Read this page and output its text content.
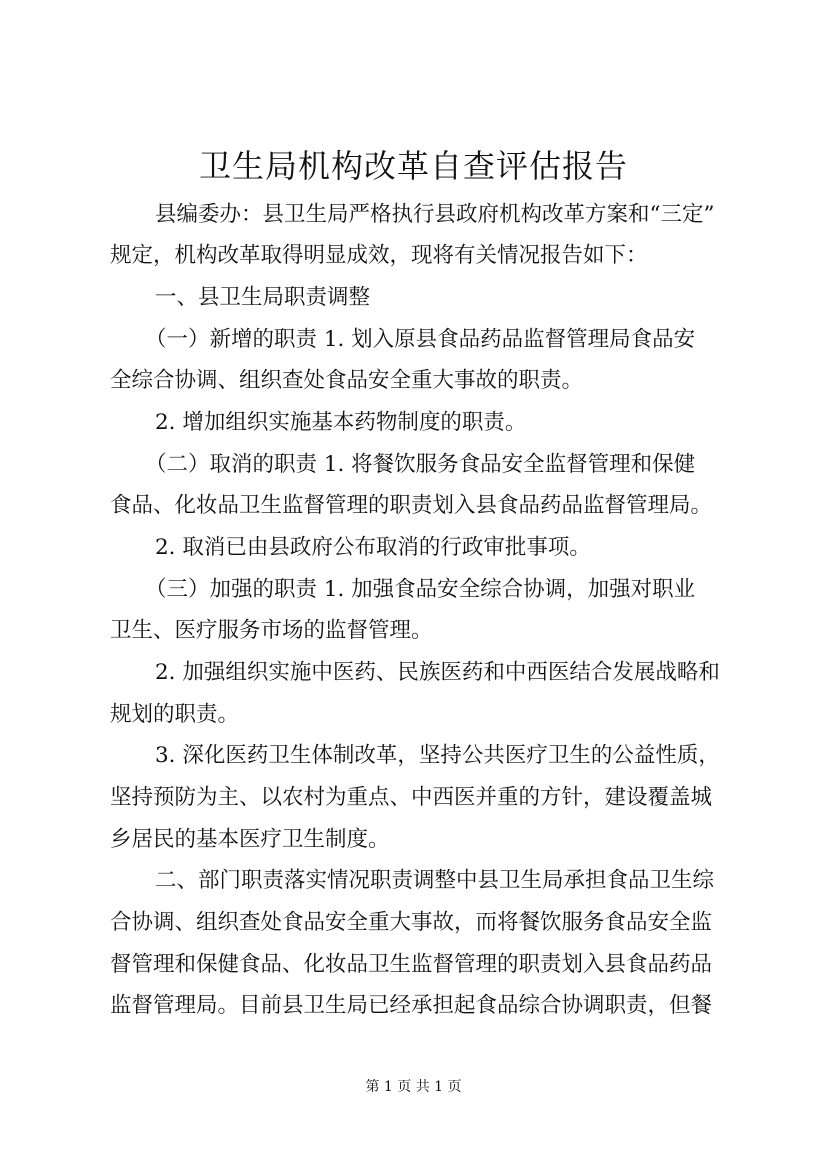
卫生局机构改革自查评估报告
县编委办：县卫生局严格执行县政府机构改革方案和“三定”
规定，机构改革取得明显成效，现将有关情况报告如下：
一、县卫生局职责调整
（一）新增的职责 1. 划入原县食品药品监督管理局食品安
全综合协调、组织查处食品安全重大事故的职责。
2. 增加组织实施基本药物制度的职责。
（二）取消的职责 1. 将餐饮服务食品安全监督管理和保健
食品、化妆品卫生监督管理的职责划入县食品药品监督管理局。
2. 取消已由县政府公布取消的行政审批事项。
（三）加强的职责 1. 加强食品安全综合协调，加强对职业
卫生、医疗服务市场的监督管理。
2. 加强组织实施中医药、民族医药和中西医结合发展战略和
规划的职责。
3. 深化医药卫生体制改革，坚持公共医疗卫生的公益性质，
坚持预防为主、以农村为重点、中西医并重的方针，建设覆盖城
乡居民的基本医疗卫生制度。
二、部门职责落实情况职责调整中县卫生局承担食品卫生综
合协调、组织查处食品安全重大事故，而将餐饮服务食品安全监
督管理和保健食品、化妆品卫生监督管理的职责划入县食品药品
监督管理局。目前县卫生局已经承担起食品综合协调职责，但餐
第 1 页 共 1 页
